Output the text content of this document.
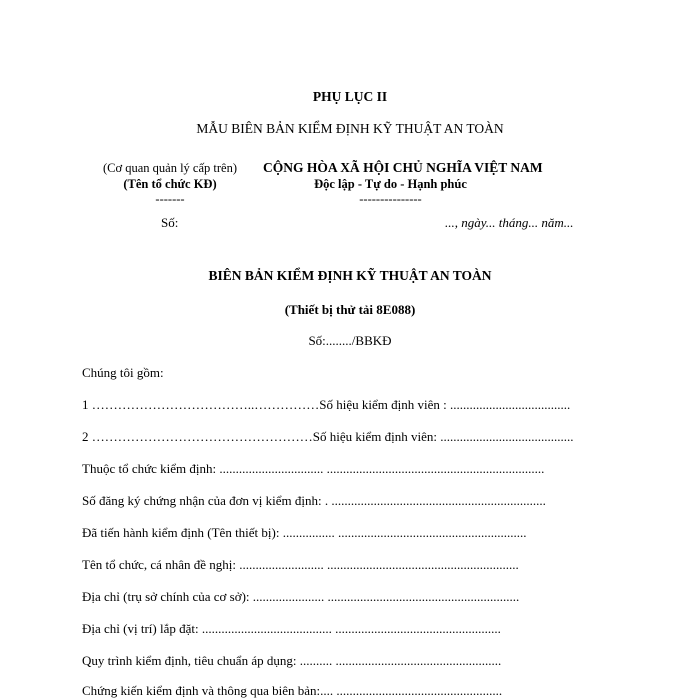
PHỤ LỤC II
MẪU BIÊN BẢN KIỂM ĐỊNH KỸ THUẬT AN TOÀN
(Cơ quan quản lý cấp trên)
(Tên tổ chức KĐ)
-------
CỘNG HÒA XÃ HỘI CHỦ NGHĨA VIỆT NAM
Độc lập - Tự do - Hạnh phúc
---------------
Số:	..., ngày... tháng... năm...
BIÊN BẢN KIỂM ĐỊNH KỸ THUẬT AN TOÀN
(Thiết bị thử tải 8E088)
Số:......../BBKĐ
Chúng tôi gồm:
1 ………………………………..……………Số hiệu kiểm định viên : .....................................
2 ……………………………………………Số hiệu kiểm định viên: .........................................
Thuộc tổ chức kiểm định: ................................ ...................................................................
Số đăng ký chứng nhận của đơn vị kiểm định: . ..................................................................
Đã tiến hành kiểm định (Tên thiết bị): ................ ..........................................................
Tên tổ chức, cá nhân đề nghị: .......................... ...........................................................
Địa chỉ (trụ sở chính của cơ sở): ...................... ...........................................................
Địa chỉ (vị trí) lắp đặt: ........................................ ...................................................
Quy trình kiểm định, tiêu chuẩn áp dụng: .......... ...................................................
Chứng kiến kiểm định và thông qua biên bản:.... ...................................................
